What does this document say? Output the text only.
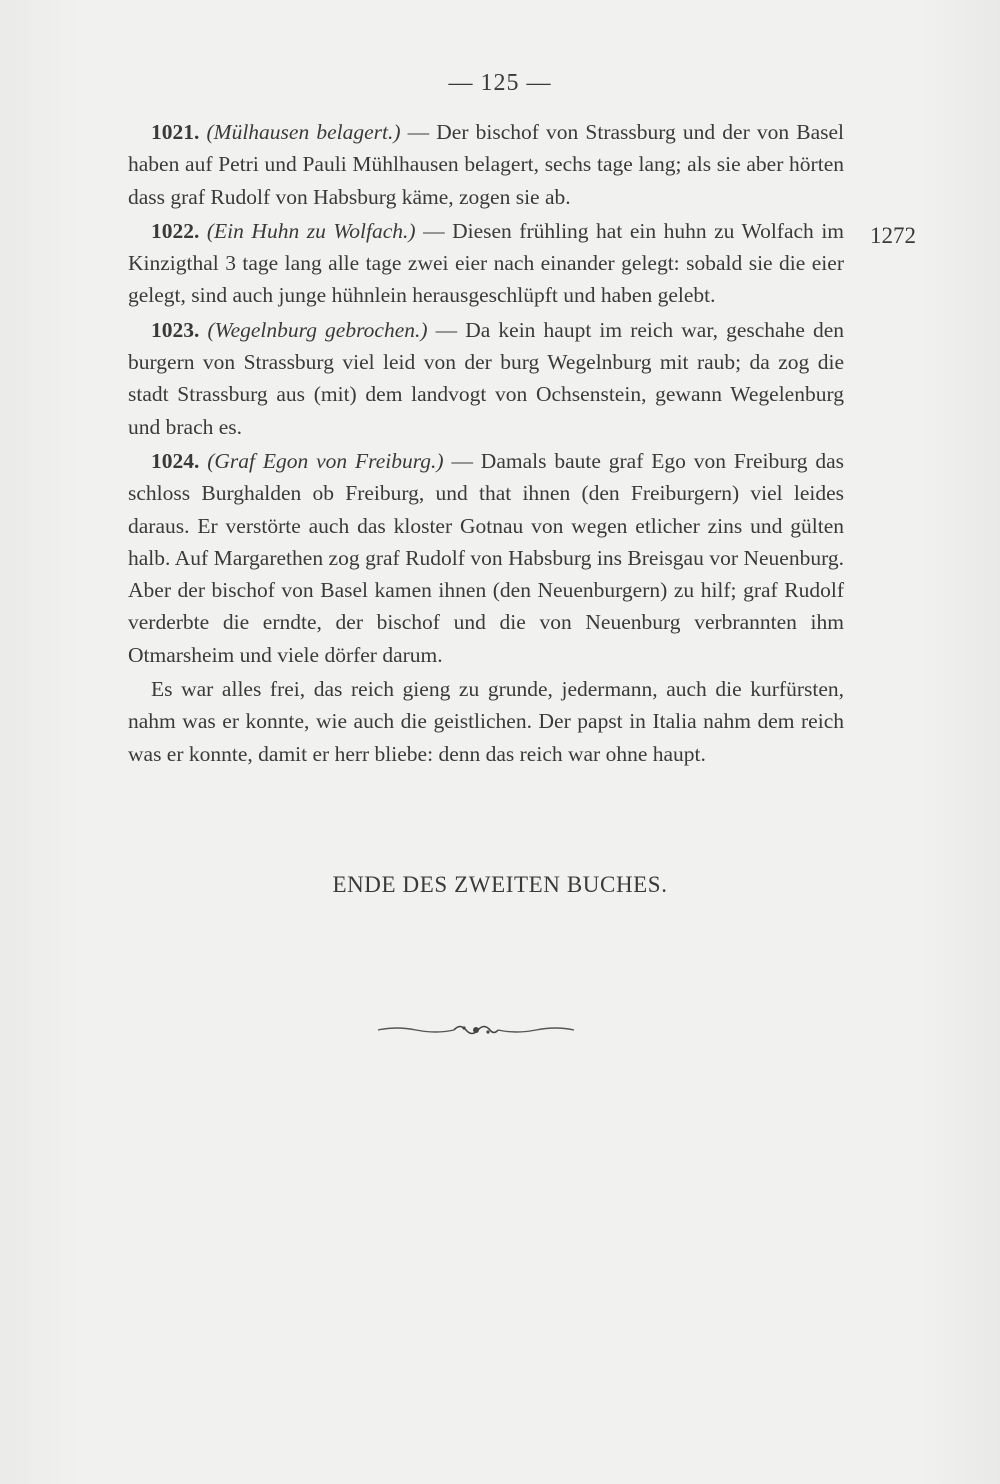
— 125 —

1021. (Mülhausen belagert.) — Der bischof von Strassburg und der von Basel haben auf Petri und Pauli Mühlhausen belagert, sechs tage lang; als sie aber hörten dass graf Rudolf von Habsburg käme, zogen sie ab.

1022. (Ein Huhn zu Wolfach.) — Diesen frühling hat ein huhn zu Wolfach im Kinzigthal 3 tage lang alle tage zwei eier nach einander gelegt: sobald sie die eier gelegt, sind auch junge hühnlein herausgeschlüpft und haben gelebt.

1023. (Wegelnburg gebrochen.) — Da kein haupt im reich war, geschahe den burgern von Strassburg viel leid von der burg Wegelnburg mit raub; da zog die stadt Strassburg aus (mit) dem landvogt von Ochsenstein, gewann Wegelenburg und brach es.

1024. (Graf Egon von Freiburg.) — Damals baute graf Ego von Freiburg das schloss Burghalden ob Freiburg, und that ihnen (den Freiburgern) viel leides daraus. Er verstörte auch das kloster Gotnau von wegen etlicher zins und gülten halb. Auf Margarethen zog graf Rudolf von Habsburg ins Breisgau vor Neuenburg. Aber der bischof von Basel kamen ihnen (den Neuenburgern) zu hilf; graf Rudolf verderbte die erndte, der bischof und die von Neuenburg verbrannten ihm Otmarsheim und viele dörfer darum.

Es war alles frei, das reich gieng zu grunde, jedermann, auch die kurfürsten, nahm was er konnte, wie auch die geistlichen. Der papst in Italia nahm dem reich was er konnte, damit er herr bliebe: denn das reich war ohne haupt.

1272
ENDE DES ZWEITEN BUCHES.
